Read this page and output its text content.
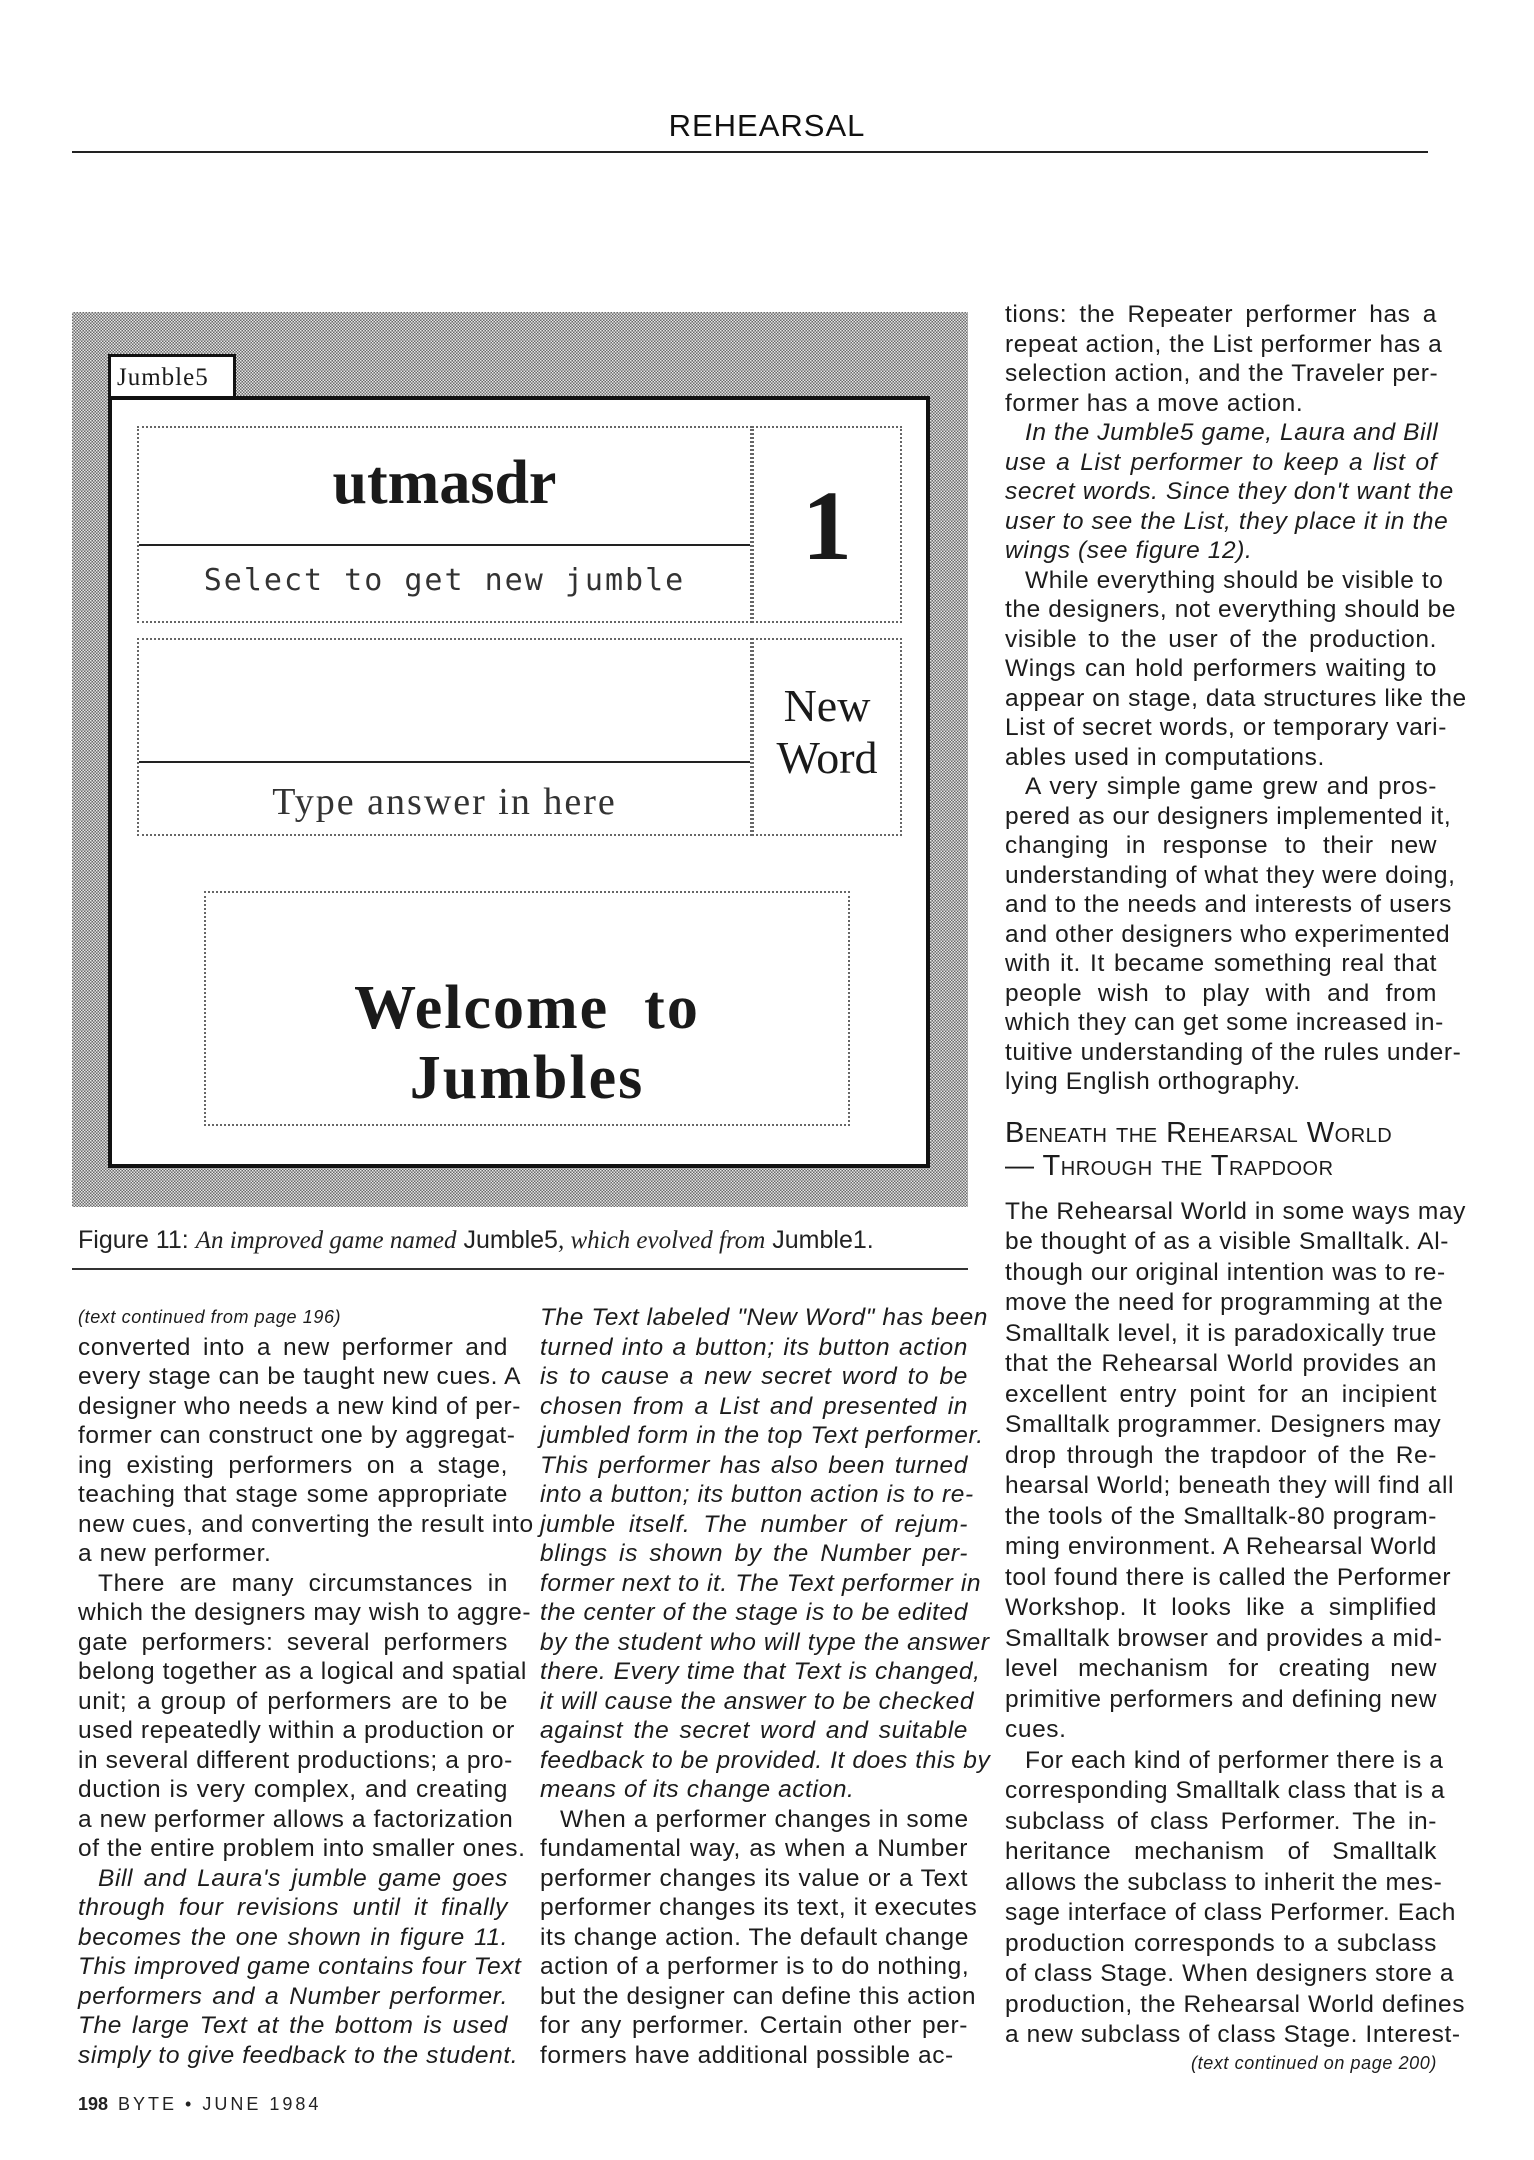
REHEARSAL
Jumble5
utmasdr
Select to get new jumble	1
Type answer in here
New
Word
Welcome  to
Jumbles
Figure 11: An improved game named Jumble5, which evolved from Jumble1.
(text continued from page 196)
converted into a new performer and
every stage can be taught new cues. A
designer who needs a new kind of per-
former can construct one by aggregat-
ing existing performers on a stage,
teaching that stage some appropriate
new cues, and converting the result into
a new performer.
There are many circumstances in
which the designers may wish to aggre-
gate performers: several performers
belong together as a logical and spatial
unit; a group of performers are to be
used repeatedly within a production or
in several different productions; a pro-
duction is very complex, and creating
a new performer allows a factorization
of the entire problem into smaller ones.
Bill and Laura's jumble game goes
through four revisions until it finally
becomes the one shown in figure 11.
This improved game contains four Text
performers and a Number performer.
The large Text at the bottom is used
simply to give feedback to the student.
The Text labeled "New Word" has been
turned into a button; its button action
is to cause a new secret word to be
chosen from a List and presented in
jumbled form in the top Text performer.
This performer has also been turned
into a button; its button action is to re-
jumble itself. The number of rejum-
blings is shown by the Number per-
former next to it. The Text performer in
the center of the stage is to be edited
by the student who will type the answer
there. Every time that Text is changed,
it will cause the answer to be checked
against the secret word and suitable
feedback to be provided. It does this by
means of its change action.
When a performer changes in some
fundamental way, as when a Number
performer changes its value or a Text
performer changes its text, it executes
its change action. The default change
action of a performer is to do nothing,
but the designer can define this action
for any performer. Certain other per-
formers have additional possible ac-
tions: the Repeater performer has a
repeat action, the List performer has a
selection action, and the Traveler per-
former has a move action.
In the Jumble5 game, Laura and Bill
use a List performer to keep a list of
secret words. Since they don't want the
user to see the List, they place it in the
wings (see figure 12).
While everything should be visible to
the designers, not everything should be
visible to the user of the production.
Wings can hold performers waiting to
appear on stage, data structures like the
List of secret words, or temporary vari-
ables used in computations.
A very simple game grew and pros-
pered as our designers implemented it,
changing in response to their new
understanding of what they were doing,
and to the needs and interests of users
and other designers who experimented
with it. It became something real that
people wish to play with and from
which they can get some increased in-
tuitive understanding of the rules under-
lying English orthography.
Beneath the Rehearsal World
— Through the Trapdoor
The Rehearsal World in some ways may
be thought of as a visible Smalltalk. Al-
though our original intention was to re-
move the need for programming at the
Smalltalk level, it is paradoxically true
that the Rehearsal World provides an
excellent entry point for an incipient
Smalltalk programmer. Designers may
drop through the trapdoor of the Re-
hearsal World; beneath they will find all
the tools of the Smalltalk-80 program-
ming environment. A Rehearsal World
tool found there is called the Performer
Workshop. It looks like a simplified
Smalltalk browser and provides a mid-
level mechanism for creating new
primitive performers and defining new
cues.
For each kind of performer there is a
corresponding Smalltalk class that is a
subclass of class Performer. The in-
heritance mechanism of Smalltalk
allows the subclass to inherit the mes-
sage interface of class Performer. Each
production corresponds to a subclass
of class Stage. When designers store a
production, the Rehearsal World defines
a new subclass of class Stage. Interest-
(text continued on page 200)
198 BYTE • JUNE 1984
